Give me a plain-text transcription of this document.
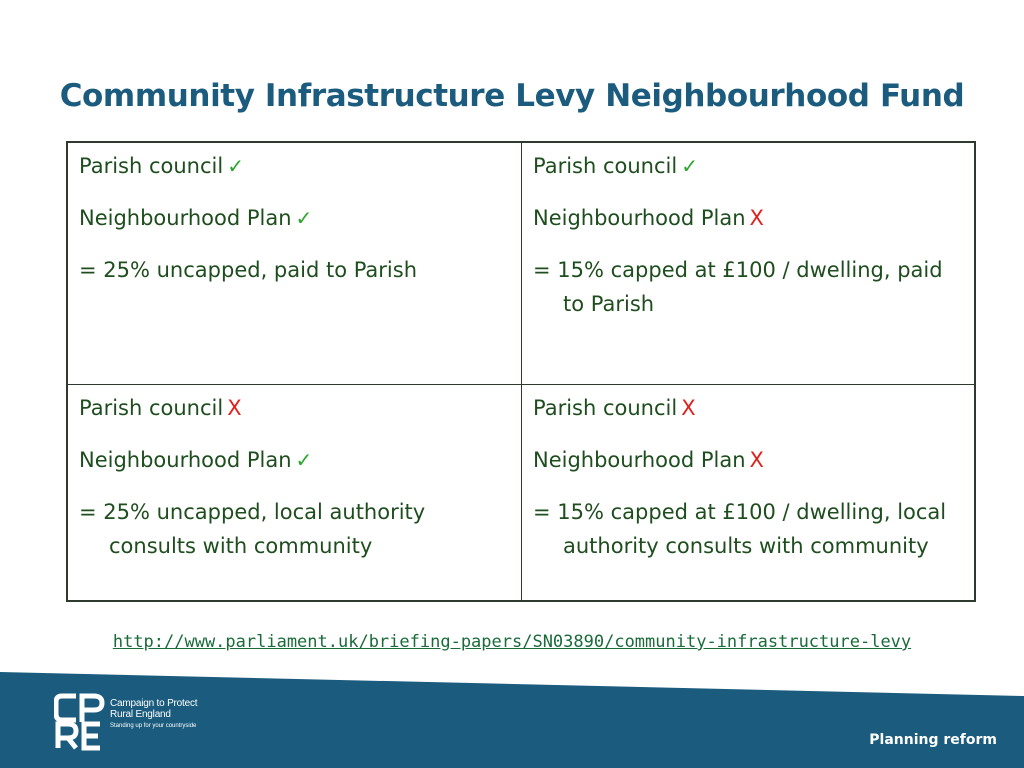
Community Infrastructure Levy Neighbourhood Fund
Parish council ✓
Neighbourhood Plan ✓
= 25% uncapped, paid to Parish
Parish council ✓
Neighbourhood Plan X
= 15% capped at £100 / dwelling, paid to Parish
Parish council X
Neighbourhood Plan ✓
= 25% uncapped, local authority consults with community
Parish council X
Neighbourhood Plan X
= 15% capped at £100 / dwelling, local authority consults with community
http://www.parliament.uk/briefing-papers/SN03890/community-infrastructure-levy
Campaign to Protect
Rural England
Standing up for your countryside
Planning reform
